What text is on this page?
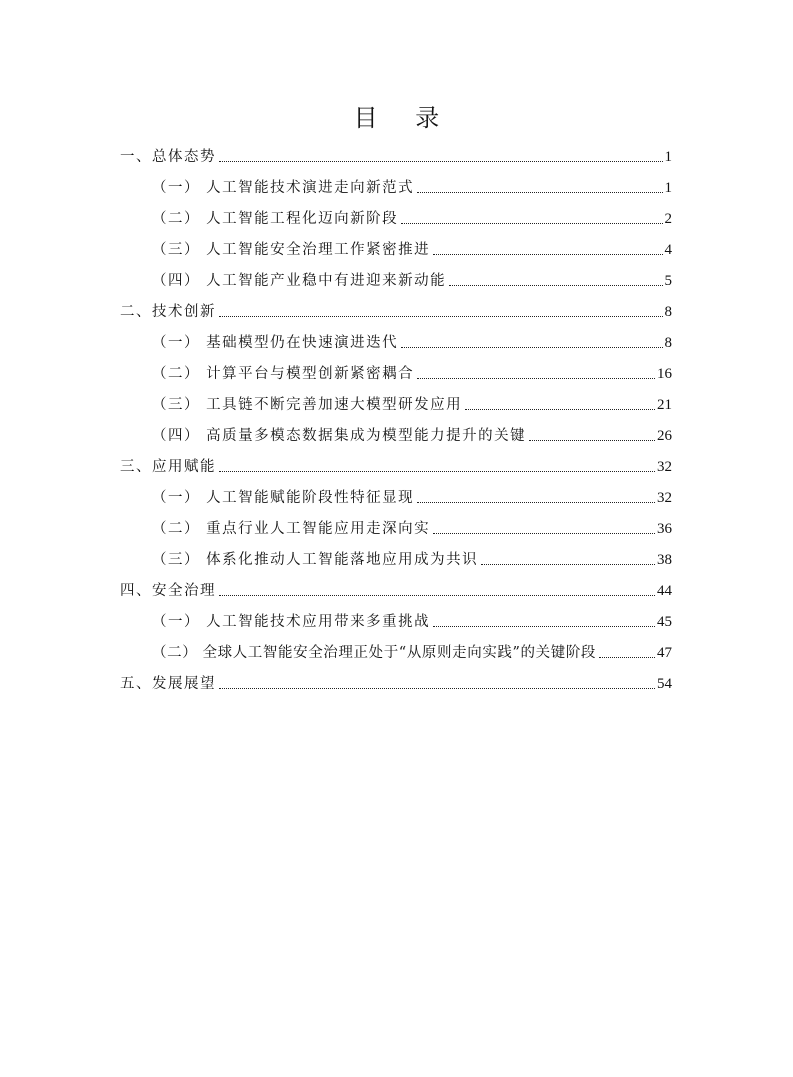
目 录
一、总体态势	1
（一） 人工智能技术演进走向新范式	1
（二） 人工智能工程化迈向新阶段	2
（三） 人工智能安全治理工作紧密推进	4
（四） 人工智能产业稳中有进迎来新动能	5
二、技术创新	8
（一） 基础模型仍在快速演进迭代	8
（二） 计算平台与模型创新紧密耦合	16
（三） 工具链不断完善加速大模型研发应用	21
（四） 高质量多模态数据集成为模型能力提升的关键	26
三、应用赋能	32
（一） 人工智能赋能阶段性特征显现	32
（二） 重点行业人工智能应用走深向实	36
（三） 体系化推动人工智能落地应用成为共识	38
四、安全治理	44
（一） 人工智能技术应用带来多重挑战	45
（二） 全球人工智能安全治理正处于“从原则走向实践”的关键阶段	47
五、发展展望	54
